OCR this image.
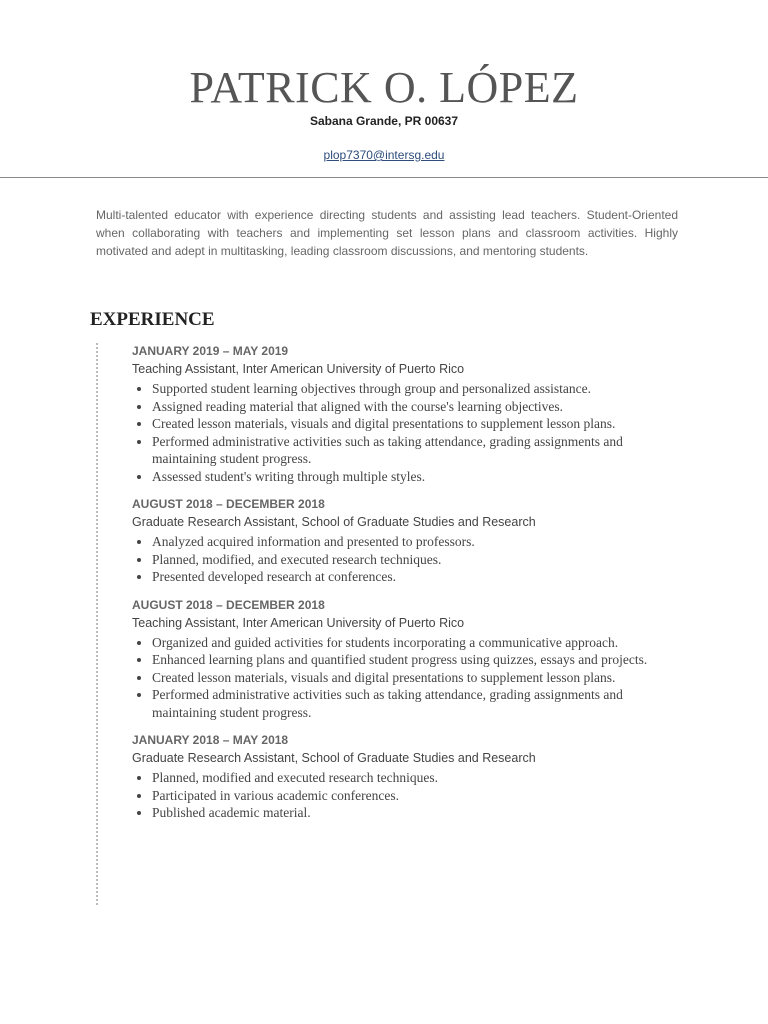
PATRICK O. LÓPEZ
Sabana Grande, PR 00637
plop7370@intersg.edu
Multi-talented educator with experience directing students and assisting lead teachers. Student-Oriented when collaborating with teachers and implementing set lesson plans and classroom activities. Highly motivated and adept in multitasking, leading classroom discussions, and mentoring students.
EXPERIENCE
JANUARY 2019 – MAY 2019
Teaching Assistant, Inter American University of Puerto Rico
• Supported student learning objectives through group and personalized assistance.
• Assigned reading material that aligned with the course's learning objectives.
• Created lesson materials, visuals and digital presentations to supplement lesson plans.
• Performed administrative activities such as taking attendance, grading assignments and maintaining student progress.
• Assessed student's writing through multiple styles.
AUGUST 2018 – DECEMBER 2018
Graduate Research Assistant, School of Graduate Studies and Research
• Analyzed acquired information and presented to professors.
• Planned, modified, and executed research techniques.
• Presented developed research at conferences.
AUGUST 2018 – DECEMBER 2018
Teaching Assistant, Inter American University of Puerto Rico
• Organized and guided activities for students incorporating a communicative approach.
• Enhanced learning plans and quantified student progress using quizzes, essays and projects.
• Created lesson materials, visuals and digital presentations to supplement lesson plans.
• Performed administrative activities such as taking attendance, grading assignments and maintaining student progress.
JANUARY 2018 – MAY 2018
Graduate Research Assistant, School of Graduate Studies and Research
• Planned, modified and executed research techniques.
• Participated in various academic conferences.
• Published academic material.
